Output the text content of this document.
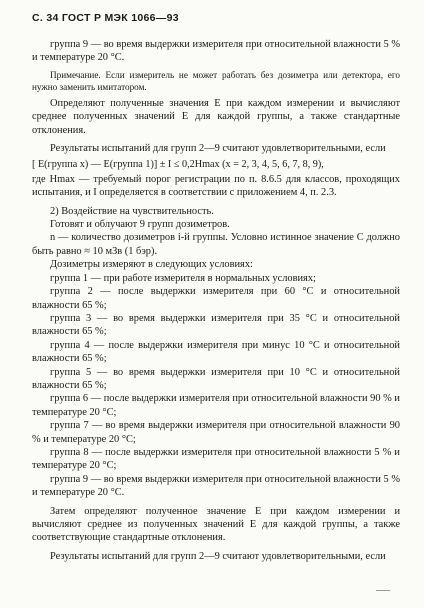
С. 34 ГОСТ Р МЭК 1066—93

группа 9 — во время выдержки измерителя при относительной влажности 5 % и температуре 20 °С.

Примечание. Если измеритель не может работать без дозиметра или детектора, его нужно заменить имитатором.

Определяют полученные значения E при каждом измерении и вычисляют среднее полученных значений E для каждой группы, а также стандартные отклонения.

Результаты испытаний для групп 2—9 считают удовлетворительными, если

[ E(группа x) — E(группа 1)] ± I ≤ 0,2Hmax (x = 2, 3, 4, 5, 6, 7, 8, 9),

где Hmax — требуемый порог регистрации по п. 8.6.5 для классов, проходящих испытания, и I определяется в соответствии с приложением 4, п. 2.3.

2) Воздействие на чувствительность.

Готовят и облучают 9 групп дозиметров.

n — количество дозиметров i-й группы. Условно истинное значение С должно быть равно ≈ 10 мЗв (1 бэр).

Дозиметры измеряют в следующих условиях:

группа 1 — при работе измерителя в нормальных условиях;

группа 2 — после выдержки измерителя при 60 °С и относительной влажности 65 %;

группа 3 — во время выдержки измерителя при 35 °С и относительной влажности 65 %;

группа 4 — после выдержки измерителя при минус 10 °С и относительной влажности 65 %;

группа 5 — во время выдержки измерителя при 10 °С и относительной влажности 65 %;

группа 6 — после выдержки измерителя при относительной влажности 90 % и температуре 20 °С;

группа 7 — во время выдержки измерителя при относительной влажности 90 % и температуре 20 °С;

группа 8 — после выдержки измерителя при относительной влажности 5 % и температуре 20 °С;

группа 9 — во время выдержки измерителя при относительной влажности 5 % и температуре 20 °С.

Затем определяют полученное значение E при каждом измерении и вычисляют среднее из полученных значений E для каждой группы, а также соответствующие стандартные отклонения.

Результаты испытаний для групп 2—9 считают удовлетворительными, если
